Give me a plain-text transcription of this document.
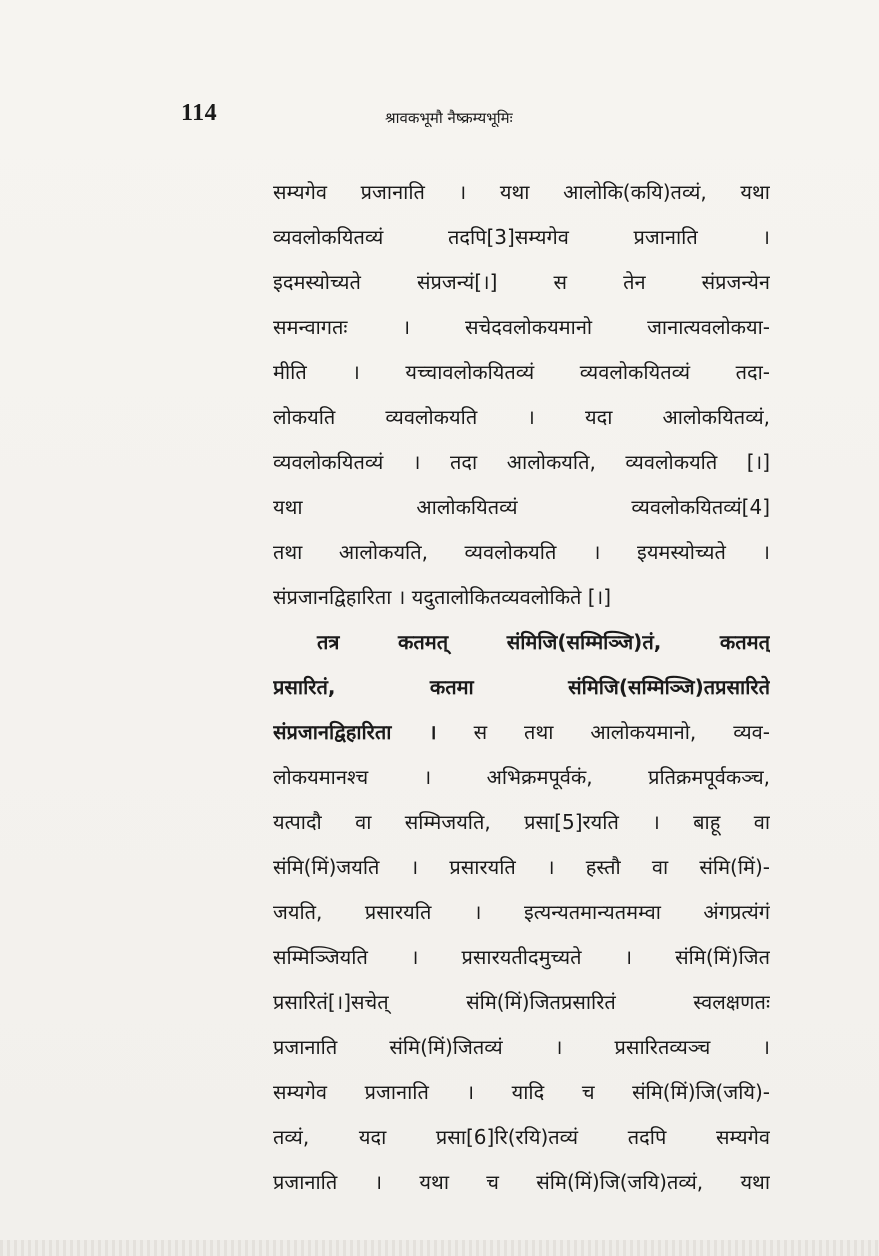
114	श्रावकभूमौ नैष्क्रम्यभूमिः
सम्यगेव प्रजानाति । यथा आलोकि(कयि)तव्यं, यथा
व्यवलोकयितव्यं तदपि[3]सम्यगेव प्रजानाति ।
इदमस्योच्यते संप्रजन्यं[।] स तेन संप्रजन्येन
समन्वागतः । सचेदवलोकयमानो जानात्यवलोकया-
मीति । यच्चावलोकयितव्यं व्यवलोकयितव्यं तदा-
लोकयति व्यवलोकयति । यदा आलोकयितव्यं,
व्यवलोकयितव्यं । तदा आलोकयति, व्यवलोकयति [।]
यथा आलोकयितव्यं व्यवलोकयितव्यं[4]
तथा आलोकयति, व्यवलोकयति । इयमस्योच्यते ।
संप्रजानद्विहारिता । यदुतालोकितव्यवलोकिते [।]
तत्र कतमत् संमिजि(सम्मिञ्जि)तं, कतमत्
प्रसारितं, कतमा संमिजि(सम्मिञ्जि)तप्रसारिते
संप्रजानद्विहारिता । स तथा आलोकयमानो, व्यव-
लोकयमानश्च । अभिक्रमपूर्वकं, प्रतिक्रमपूर्वकञ्च,
यत्पादौ वा सम्मिजयति, प्रसा[5]रयति । बाहू वा
संमि(मिं)जयति । प्रसारयति । हस्तौ वा संमि(मिं)-
जयति, प्रसारयति । इत्यन्यतमान्यतमम्वा अंगप्रत्यंगं
सम्मिञ्जियति । प्रसारयतीदमुच्यते । संमि(मिं)जित
प्रसारितं[।]सचेत् संमि(मिं)जितप्रसारितं स्वलक्षणतः
प्रजानाति संमि(मिं)जितव्यं । प्रसारितव्यञ्च ।
सम्यगेव प्रजानाति । यादि च संमि(मिं)जि(जयि)-
तव्यं, यदा प्रसा[6]रि(रयि)तव्यं तदपि सम्यगेव
प्रजानाति । यथा च संमि(मिं)जि(जयि)तव्यं, यथा
